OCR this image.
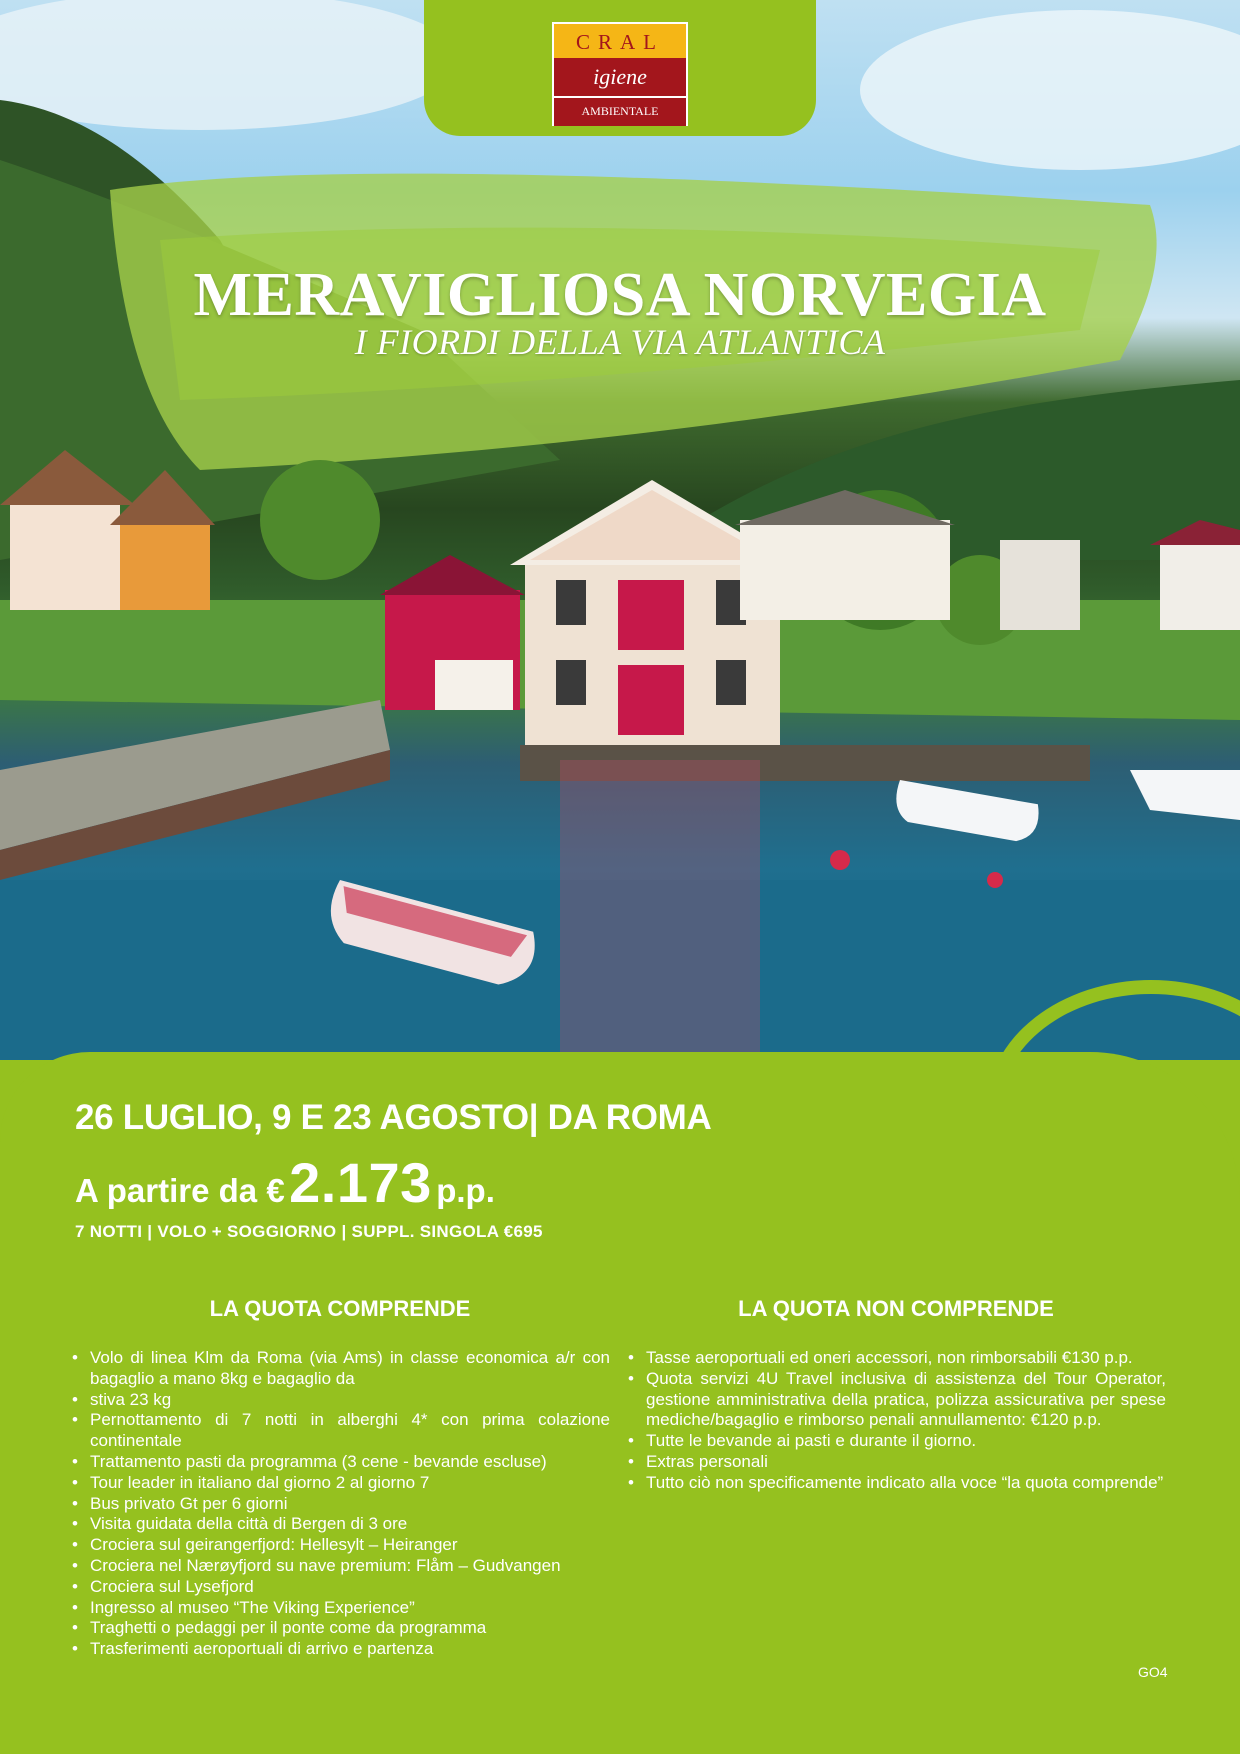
CRAL
igiene
AMBIENTALE
MERAVIGLIOSA NORVEGIA
I FIORDI DELLA VIA ATLANTICA
26 LUGLIO, 9 E 23 AGOSTO| DA ROMA
A partire da € 2.173 p.p.
7 NOTTI | VOLO + SOGGIORNO | SUPPL. SINGOLA €695
LA QUOTA COMPRENDE
• Volo di linea Klm da Roma (via Ams) in classe economica a/r con bagaglio a mano 8kg e bagaglio da
• stiva 23 kg
• Pernottamento di 7 notti in alberghi 4* con prima colazione continentale
• Trattamento pasti da programma (3 cene - bevande escluse)
• Tour leader in italiano dal giorno 2 al giorno 7
• Bus privato Gt per 6 giorni
• Visita guidata della città di Bergen di 3 ore
• Crociera sul geirangerfjord: Hellesylt – Heiranger
• Crociera nel Nærøyfjord su nave premium: Flåm – Gudvangen
• Crociera sul Lysefjord
• Ingresso al museo “The Viking Experience”
• Traghetti o pedaggi per il ponte come da programma
• Trasferimenti aeroportuali di arrivo e partenza
LA QUOTA NON COMPRENDE
• Tasse aeroportuali ed oneri accessori, non rimborsabili €130 p.p.
• Quota servizi 4U Travel inclusiva di assistenza del Tour Operator, gestione amministrativa della pratica, polizza assicurativa per spese mediche/bagaglio e rimborso penali annullamento: €120 p.p.
• Tutte le bevande ai pasti e durante il giorno.
• Extras personali
• Tutto ciò non specificamente indicato alla voce “la quota comprende”
GO4
